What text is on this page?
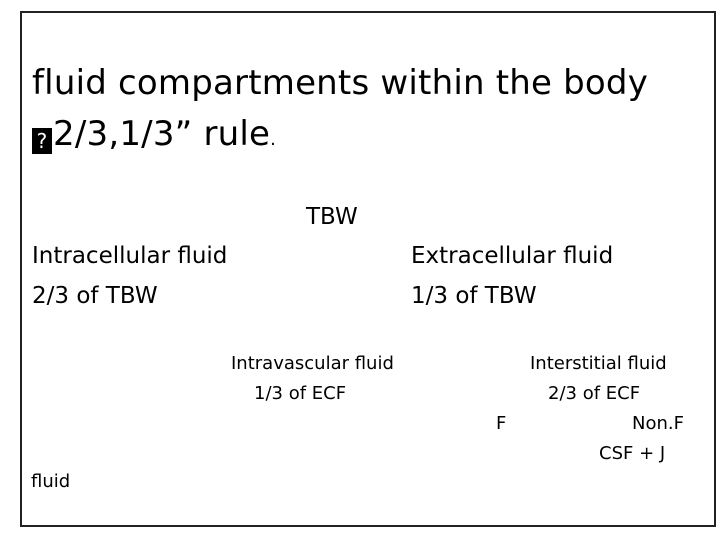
fluid compartments within the body
? 2/3,1/3” rule.
TBW
Intracellular fluid
2/3 of TBW
Extracellular fluid
1/3 of TBW
Intravascular fluid
1/3 of ECF
Interstitial fluid
2/3 of ECF
F	Non.F
CSF + J
fluid
